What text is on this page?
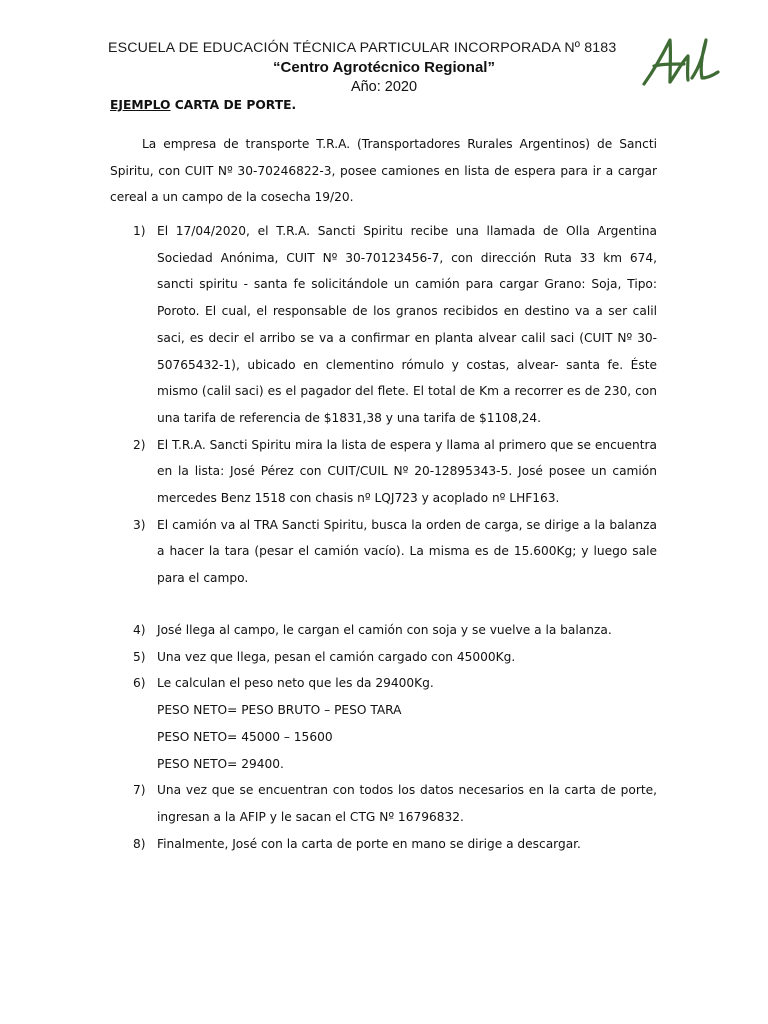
ESCUELA DE EDUCACIÓN TÉCNICA PARTICULAR INCORPORADA Nº 8183
“Centro Agrotécnico Regional”
Año: 2020
EJEMPLO CARTA DE PORTE.

La empresa de transporte T.R.A. (Transportadores Rurales Argentinos) de Sancti Spiritu, con CUIT Nº 30-70246822-3, posee camiones en lista de espera para ir a cargar cereal a un campo de la cosecha 19/20.

1) El 17/04/2020, el T.R.A. Sancti Spiritu recibe una llamada de Olla Argentina Sociedad Anónima, CUIT Nº 30-70123456-7, con dirección Ruta 33 km 674, sancti spiritu - santa fe solicitándole un camión para cargar Grano: Soja, Tipo: Poroto. El cual, el responsable de los granos recibidos en destino va a ser calil saci, es decir el arribo se va a confirmar en planta alvear calil saci (CUIT Nº 30-50765432-1), ubicado en clementino rómulo y costas, alvear- santa fe. Éste mismo (calil saci) es el pagador del flete. El total de Km a recorrer es de 230, con una tarifa de referencia de $1831,38 y una tarifa de $1108,24.
2) El T.R.A. Sancti Spiritu mira la lista de espera y llama al primero que se encuentra en la lista: José Pérez con CUIT/CUIL Nº 20-12895343-5. José posee un camión mercedes Benz 1518 con chasis nº LQJ723 y acoplado nº LHF163.
3) El camión va al TRA Sancti Spiritu, busca la orden de carga, se dirige a la balanza a hacer la tara (pesar el camión vacío). La misma es de 15.600Kg; y luego sale para el campo.
4) José llega al campo, le cargan el camión con soja y se vuelve a la balanza.
5) Una vez que llega, pesan el camión cargado con 45000Kg.
6) Le calculan el peso neto que les da 29400Kg.
PESO NETO= PESO BRUTO – PESO TARA
PESO NETO= 45000 – 15600
PESO NETO= 29400.
7) Una vez que se encuentran con todos los datos necesarios en la carta de porte, ingresan a la AFIP y le sacan el CTG Nº 16796832.
8) Finalmente, José con la carta de porte en mano se dirige a descargar.
